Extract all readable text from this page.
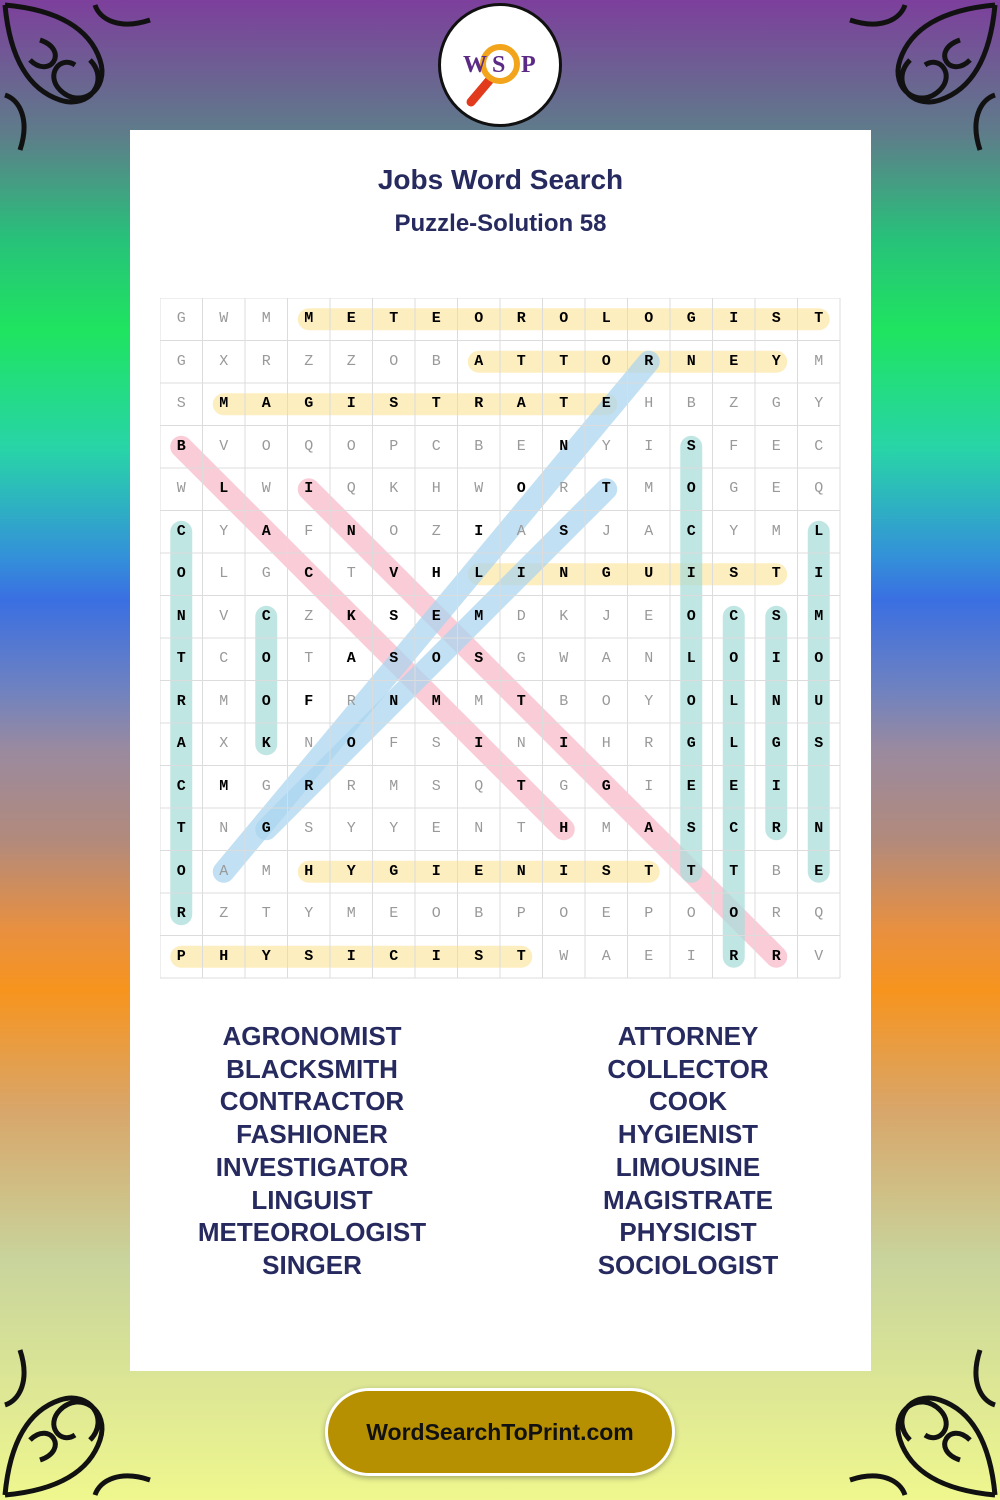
W S P
Jobs Word Search
Puzzle-Solution 58
G	W	M	M	E	T	E	O	R	O	L	O	G	I	S	T
G	X	R	Z	Z	O	B	A	T	T	O	R	N	E	Y	M
S	M	A	G	I	S	T	R	A	T	E	H	B	Z	G	Y
B	V	O	Q	O	P	C	B	E	N	Y	I	S	F	E	C
W	L	W	I	Q	K	H	W	O	R	T	M	O	G	E	Q
C	Y	A	F	N	O	Z	I	A	S	J	A	C	Y	M	L
O	L	G	C	T	V	H	L	I	N	G	U	I	S	T	I
N	V	C	Z	K	S	E	M	D	K	J	E	O	C	S	M
T	C	O	T	A	S	O	S	G	W	A	N	L	O	I	O
R	M	O	F	R	N	M	M	T	B	O	Y	O	L	N	U
A	X	K	N	O	F	S	I	N	I	H	R	G	L	G	S
C	M	G	R	R	M	S	Q	T	G	G	I	E	E	I
T	N	G	S	Y	Y	E	N	T	H	M	A	S	C	R	N
O	A	M	H	Y	G	I	E	N	I	S	T	T	T	B	E
R	Z	T	Y	M	E	O	B	P	O	E	P	O	O	R	Q
P	H	Y	S	I	C	I	S	T	W	A	E	I	R	R	V
AGRONOMIST
BLACKSMITH
CONTRACTOR
FASHIONER
INVESTIGATOR
LINGUIST
METEOROLOGIST
SINGER
ATTORNEY
COLLECTOR
COOK
HYGIENIST
LIMOUSINE
MAGISTRATE
PHYSICIST
SOCIOLOGIST
WordSearchToPrint.com
